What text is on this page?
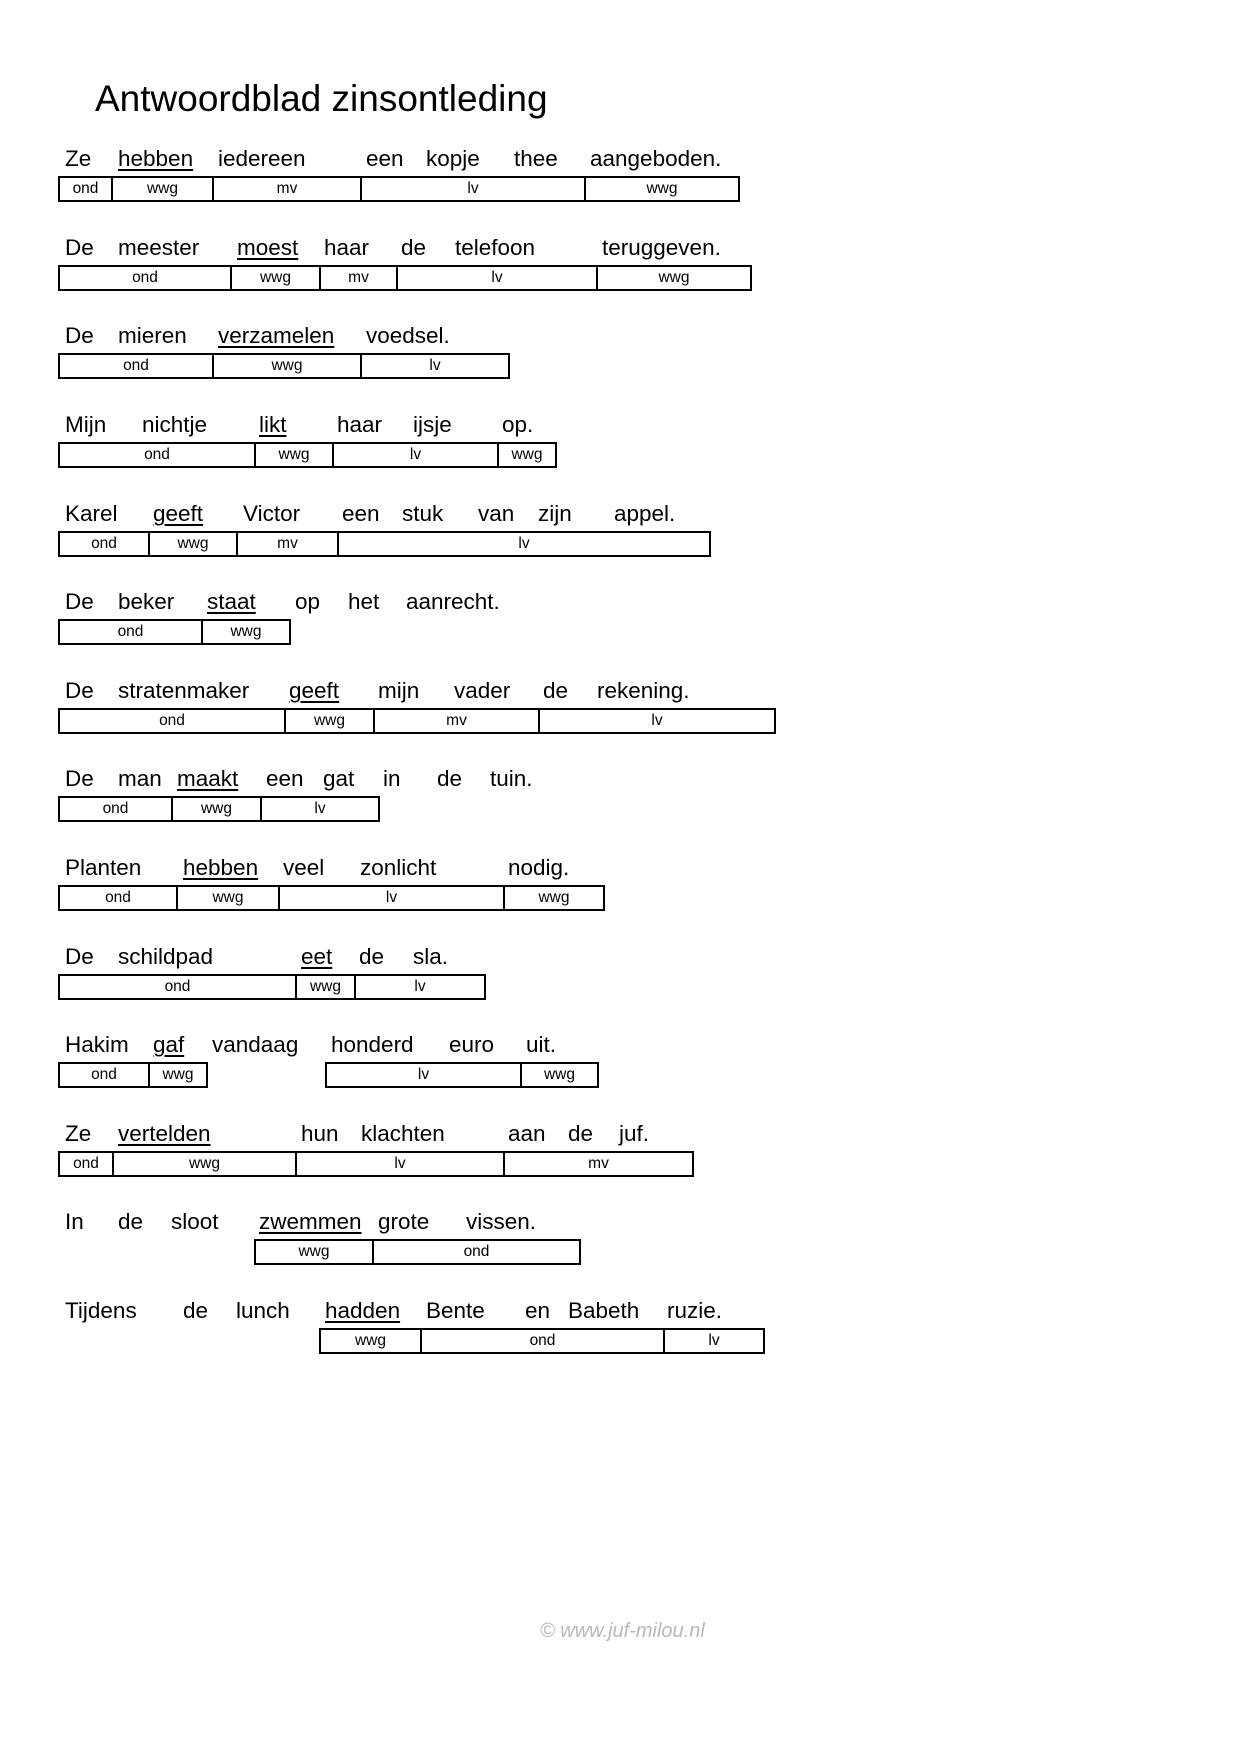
Antwoordblad zinsontleding
Ze hebben iedereen	een kopje thee aangeboden.
ond	wwg	mv	lv	wwg
De meester moest haar de telefoon	teruggeven.
ond	wwg	mv	lv	wwg
De mieren verzamelen voedsel.
ond	wwg	lv
Mijn nichtje likt haar ijsje op.
ond	wwg	lv	wwg
Karel geeft Victor een stuk van zijn appel.
ond	wwg	mv	lv
De beker staat op het aanrecht.
ond	wwg
De stratenmaker geeft mijn vader de rekening.
ond	wwg	mv	lv
De man maakt een gat in de tuin.
ond	wwg	lv
Planten hebben veel zonlicht	nodig.
ond	wwg	lv	wwg
De schildpad	eet de sla.
ond	wwg	lv
Hakim gaf vandaag honderd euro uit.
ond	wwg	lv	wwg
Ze vertelden	hun klachten	aan de juf.
ond	wwg	lv	mv
In de sloot zwemmen grote vissen.
wwg	ond
Tijdens de lunch hadden Bente en Babeth ruzie.
wwg	ond	lv
© www.juf-milou.nl
